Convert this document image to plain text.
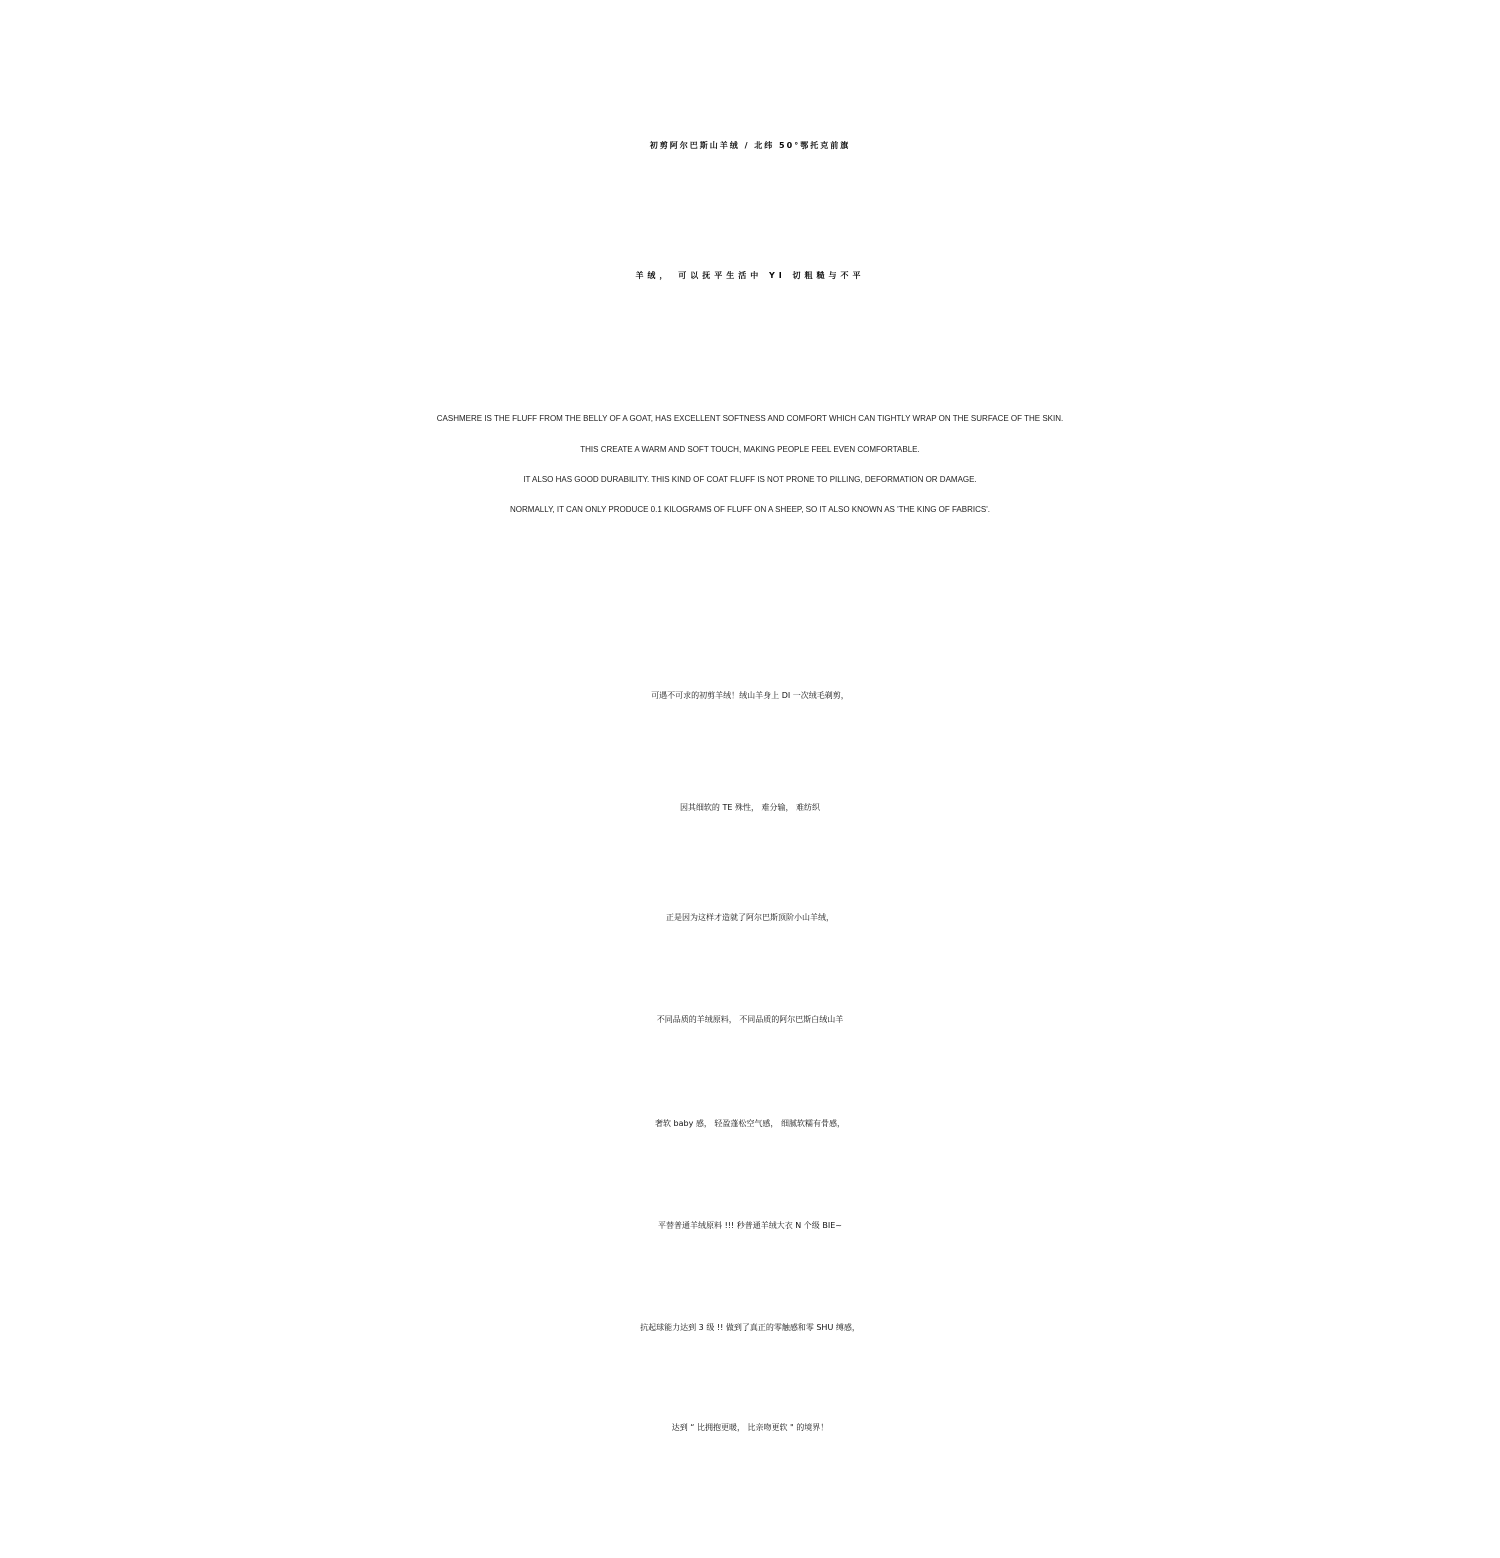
初剪阿尔巴斯山羊绒 / 北纬 50°鄂托克前旗
羊绒， 可以抚平生活中 YI 切粗糙与不平
CASHMERE IS THE FLUFF FROM THE BELLY OF A GOAT, HAS EXCELLENT SOFTNESS AND COMFORT WHICH CAN TIGHTLY WRAP ON THE SURFACE OF THE SKIN.
THIS CREATE A WARM AND SOFT TOUCH, MAKING PEOPLE FEEL EVEN COMFORTABLE.
IT ALSO HAS GOOD DURABILITY. THIS KIND OF COAT FLUFF IS NOT PRONE TO PILLING, DEFORMATION OR DAMAGE.
NORMALLY, IT CAN ONLY PRODUCE 0.1 KILOGRAMS OF FLUFF ON A SHEEP, SO IT ALSO KNOWN AS 'THE KING OF FABRICS'.
可遇不可求的初剪羊绒！绒山羊身上 DI 一次绒毛剃剪，
因其细软的 TE 殊性， 难分输， 难纺织
正是因为这样才造就了阿尔巴斯顶阶小山羊绒，
不同品质的羊绒原料， 不同品质的阿尔巴斯白绒山羊
奢软 baby 感， 轻盈蓬松空气感， 细腻软糯有骨感，
平替普通羊绒原料 !!! 秒普通羊绒大衣 N 个级 BIE~
抗起球能力达到 3 级 !! 做到了真正的零触感和零 SHU 缚感，
达到 “ 比拥抱更暖， 比亲吻更软 " 的境界！
